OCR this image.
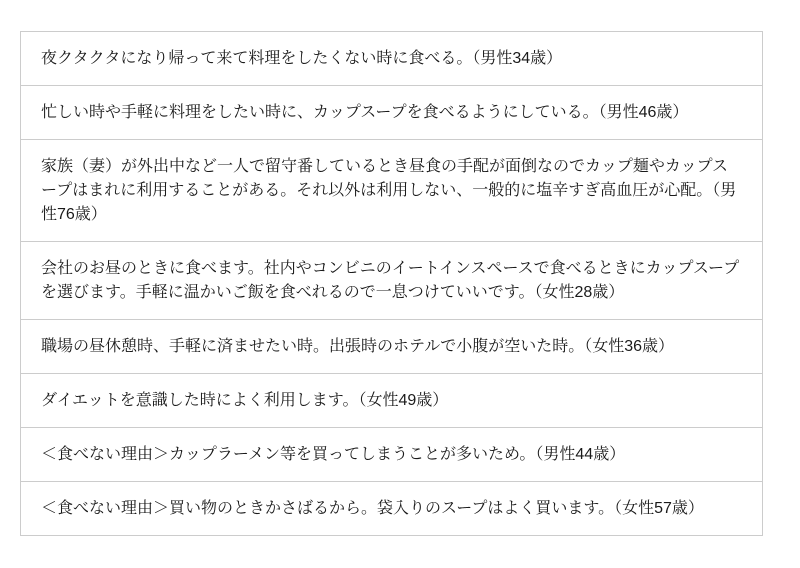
夜クタクタになり帰って来て料理をしたくない時に食べる。（男性34歳）
忙しい時や手軽に料理をしたい時に、カップスープを食べるようにしている。（男性46歳）
家族（妻）が外出中など一人で留守番しているとき昼食の手配が面倒なのでカップ麺やカップスープはまれに利用することがある。それ以外は利用しない、一般的に塩辛すぎ高血圧が心配。（男性76歳）
会社のお昼のときに食べます。社内やコンビニのイートインスペースで食べるときにカップスープを選びます。手軽に温かいご飯を食べれるので一息つけていいです。（女性28歳）
職場の昼休憩時、手軽に済ませたい時。出張時のホテルで小腹が空いた時。（女性36歳）
ダイエットを意識した時によく利用します。（女性49歳）
＜食べない理由＞カップラーメン等を買ってしまうことが多いため。（男性44歳）
＜食べない理由＞買い物のときかさばるから。袋入りのスープはよく買います。（女性57歳）
